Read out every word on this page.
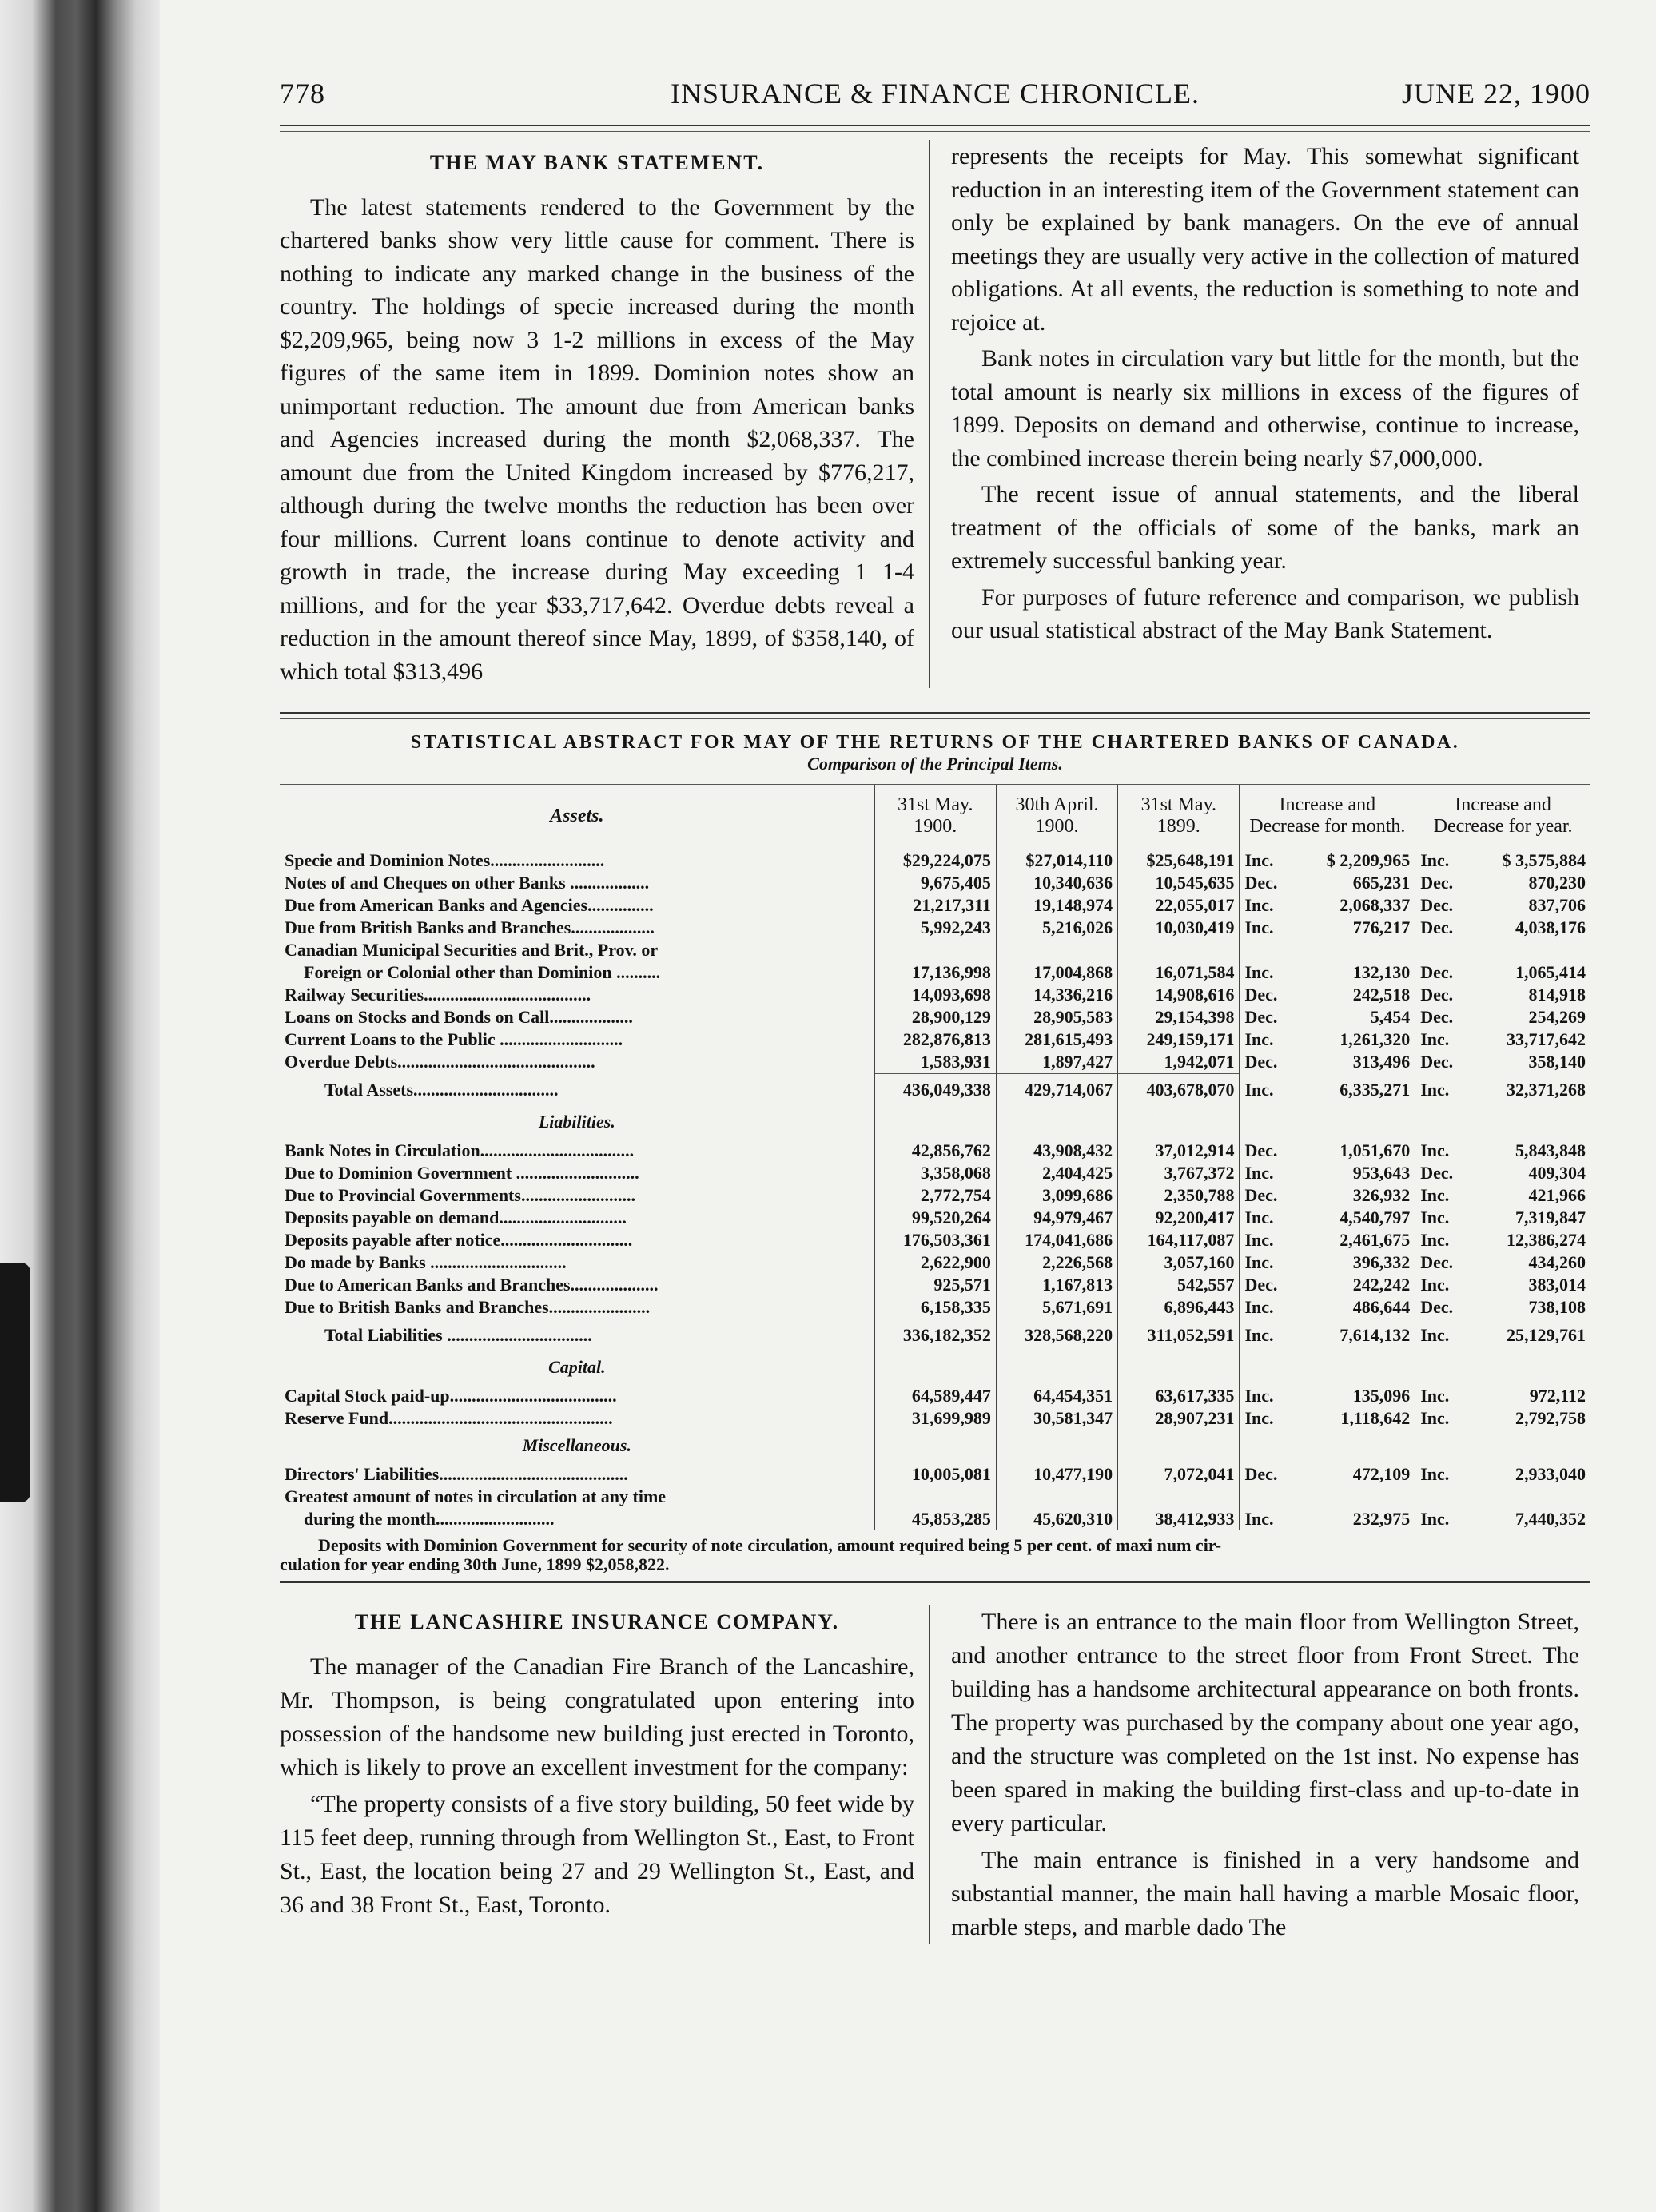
778	INSURANCE & FINANCE CHRONICLE.	JUNE 22, 1900
THE MAY BANK STATEMENT.

The latest statements rendered to the Government by the chartered banks show very little cause for comment. There is nothing to indicate any marked change in the business of the country. The holdings of specie increased during the month $2,209,965, being now 3 1-2 millions in excess of the May figures of the same item in 1899. Dominion notes show an unimportant reduction. The amount due from American banks and Agencies increased during the month $2,068,337. The amount due from the United Kingdom increased by $776,217, although during the twelve months the reduction has been over four millions. Current loans continue to denote activity and growth in trade, the increase during May exceeding 1 1-4 millions, and for the year $33,717,642. Overdue debts reveal a reduction in the amount thereof since May, 1899, of $358,140, of which total $313,496

represents the receipts for May. This somewhat significant reduction in an interesting item of the Government statement can only be explained by bank managers. On the eve of annual meetings they are usually very active in the collection of matured obligations. At all events, the reduction is something to note and rejoice at.

Bank notes in circulation vary but little for the month, but the total amount is nearly six millions in excess of the figures of 1899. Deposits on demand and otherwise, continue to increase, the combined increase therein being nearly $7,000,000.

The recent issue of annual statements, and the liberal treatment of the officials of some of the banks, mark an extremely successful banking year.

For purposes of future reference and comparison, we publish our usual statistical abstract of the May Bank Statement.

STATISTICAL ABSTRACT FOR MAY OF THE RETURNS OF THE CHARTERED BANKS OF CANADA.
Comparison of the Principal Items.
Assets.	31st May. 1900.	30th April. 1900.	31st May. 1899.	Increase and Decrease for month.		Increase and Decrease for year.	
Specie and Dominion Notes..........................	$29,224,075	$27,014,110	$25,648,191	Inc.	$ 2,209,965	Inc.	$ 3,575,884
Notes of and Cheques on other Banks ..................	9,675,405	10,340,636	10,545,635	Dec.	665,231	Dec.	870,230
Due from American Banks and Agencies...............	21,217,311	19,148,974	22,055,017	Inc.	2,068,337	Dec.	837,706
Due from British Banks and Branches...................	5,992,243	5,216,026	10,030,419	Inc.	776,217	Dec.	4,038,176
Canadian Municipal Securities and Brit., Prov. or							
Foreign or Colonial other than Dominion ..........	17,136,998	17,004,868	16,071,584	Inc.	132,130	Dec.	1,065,414
Railway Securities......................................	14,093,698	14,336,216	14,908,616	Dec.	242,518	Dec.	814,918
Loans on Stocks and Bonds on Call...................	28,900,129	28,905,583	29,154,398	Dec.	5,454	Dec.	254,269
Current Loans to the Public ............................	282,876,813	281,615,493	249,159,171	Inc.	1,261,320	Inc.	33,717,642
Overdue Debts.............................................	1,583,931	1,897,427	1,942,071	Dec.	313,496	Dec.	358,140
Total Assets.................................	436,049,338	429,714,067	403,678,070	Inc.	6,335,271	Inc.	32,371,268
Liabilities.							
Bank Notes in Circulation...................................	42,856,762	43,908,432	37,012,914	Dec.	1,051,670	Inc.	5,843,848
Due to Dominion Government ............................	3,358,068	2,404,425	3,767,372	Inc.	953,643	Dec.	409,304
Due to Provincial Governments..........................	2,772,754	3,099,686	2,350,788	Dec.	326,932	Inc.	421,966
Deposits payable on demand.............................	99,520,264	94,979,467	92,200,417	Inc.	4,540,797	Inc.	7,319,847
Deposits payable after notice..............................	176,503,361	174,041,686	164,117,087	Inc.	2,461,675	Inc.	12,386,274
Do made by Banks ...............................	2,622,900	2,226,568	3,057,160	Inc.	396,332	Dec.	434,260
Due to American Banks and Branches....................	925,571	1,167,813	542,557	Dec.	242,242	Inc.	383,014
Due to British Banks and Branches.......................	6,158,335	5,671,691	6,896,443	Inc.	486,644	Dec.	738,108
Total Liabilities .................................	336,182,352	328,568,220	311,052,591	Inc.	7,614,132	Inc.	25,129,761
Capital.							
Capital Stock paid-up......................................	64,589,447	64,454,351	63,617,335	Inc.	135,096	Inc.	972,112
Reserve Fund...................................................	31,699,989	30,581,347	28,907,231	Inc.	1,118,642	Inc.	2,792,758
Miscellaneous.							
Directors' Liabilities...........................................	10,005,081	10,477,190	7,072,041	Dec.	472,109	Inc.	2,933,040
Greatest amount of notes in circulation at any time							
during the month...........................	45,853,285	45,620,310	38,412,933	Inc.	232,975	Inc.	7,440,352
Deposits with Dominion Government for security of note circulation, amount required being 5 per cent. of maxi num cir-
culation for year ending 30th June, 1899 $2,058,822.
THE LANCASHIRE INSURANCE COMPANY.

The manager of the Canadian Fire Branch of the Lancashire, Mr. Thompson, is being congratulated upon entering into possession of the handsome new building just erected in Toronto, which is likely to prove an excellent investment for the company:

“The property consists of a five story building, 50 feet wide by 115 feet deep, running through from Wellington St., East, to Front St., East, the location being 27 and 29 Wellington St., East, and 36 and 38 Front St., East, Toronto.

There is an entrance to the main floor from Wellington Street, and another entrance to the street floor from Front Street. The building has a handsome architectural appearance on both fronts. The property was purchased by the company about one year ago, and the structure was completed on the 1st inst. No expense has been spared in making the building first-class and up-to-date in every particular.

The main entrance is finished in a very handsome and substantial manner, the main hall having a marble Mosaic floor, marble steps, and marble dado The
